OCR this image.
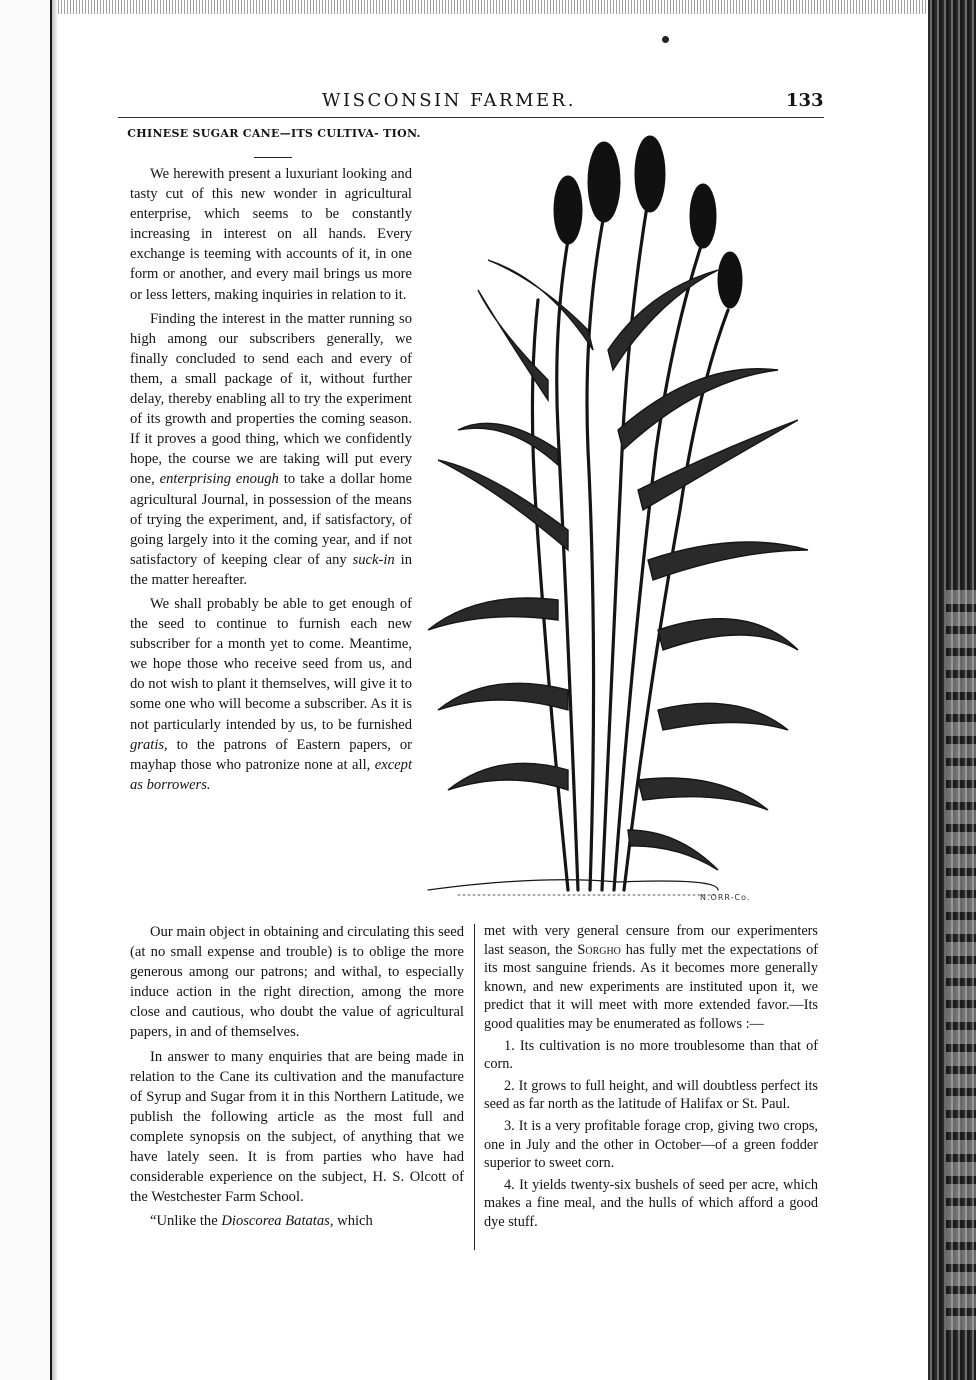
WISCONSIN FARMER.	133
CHINESE SUGAR CANE—ITS CULTIVA- TION.

We herewith present a luxuriant looking and tasty cut of this new wonder in agricultural enterprise, which seems to be constantly increasing in interest on all hands. Every exchange is teeming with accounts of it, in one form or another, and every mail brings us more or less letters, making inquiries in relation to it.

Finding the interest in the matter running so high among our subscribers generally, we finally concluded to send each and every of them, a small package of it, without further delay, thereby enabling all to try the experiment of its growth and properties the coming season. If it proves a good thing, which we confidently hope, the course we are taking will put every one, enterprising enough to take a dollar home agricultural Journal, in possession of the means of trying the experiment, and, if satisfactory, of going largely into it the coming year, and if not satisfactory of keeping clear of any suck-in in the matter hereafter.

We shall probably be able to get enough of the seed to continue to furnish each new subscriber for a month yet to come. Meantime, we hope those who receive seed from us, and do not wish to plant it themselves, will give it to some one who will become a subscriber. As it is not particularly intended by us, to be furnished gratis, to the patrons of Eastern papers, or mayhap those who patronize none at all, except as borrowers.

N.ORR-Co.

Our main object in obtaining and circulating this seed (at no small expense and trouble) is to oblige the more generous among our patrons; and withal, to especially induce action in the right direction, among the more close and cautious, who doubt the value of agricultural papers, in and of themselves.

In answer to many enquiries that are being made in relation to the Cane its cultivation and the manufacture of Syrup and Sugar from it in this Northern Latitude, we publish the following article as the most full and complete synopsis on the subject, of anything that we have lately seen. It is from parties who have had considerable experience on the subject, H. S. Olcott of the Westchester Farm School.

“Unlike the Dioscorea Batatas, which

met with very general censure from our experimenters last season, the Sorgho has fully met the expectations of its most sanguine friends. As it becomes more generally known, and new experiments are instituted upon it, we predict that it will meet with more extended favor.—Its good qualities may be enumerated as follows :—

1. Its cultivation is no more troublesome than that of corn.

2. It grows to full height, and will doubtless perfect its seed as far north as the latitude of Halifax or St. Paul.

3. It is a very profitable forage crop, giving two crops, one in July and the other in October—of a green fodder superior to sweet corn.

4. It yields twenty-six bushels of seed per acre, which makes a fine meal, and the hulls of which afford a good dye stuff.
